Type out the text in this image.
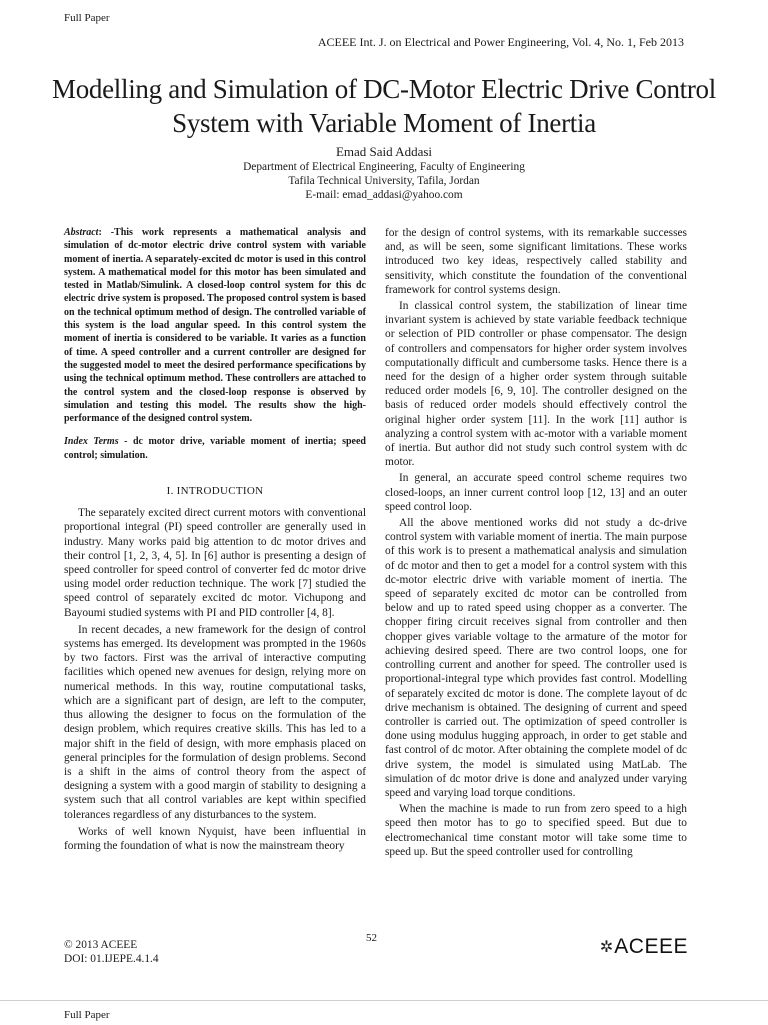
Full Paper
ACEEE Int. J. on Electrical and Power Engineering, Vol. 4, No. 1, Feb 2013
Modelling and Simulation of DC-Motor Electric Drive Control System with Variable Moment of Inertia
Emad Said Addasi
Department of Electrical Engineering, Faculty of Engineering
Tafila Technical University, Tafila, Jordan
E-mail: emad_addasi@yahoo.com

Abstract: -This work represents a mathematical analysis and simulation of dc-motor electric drive control system with variable moment of inertia. A separately-excited dc motor is used in this control system. A mathematical model for this motor has been simulated and tested in Matlab/Simulink. A closed-loop control system for this dc electric drive system is proposed. The proposed control system is based on the technical optimum method of design. The controlled variable of this system is the load angular speed. In this control system the moment of inertia is considered to be variable. It varies as a function of time. A speed controller and a current controller are designed for the suggested model to meet the desired performance specifications by using the technical optimum method. These controllers are attached to the control system and the closed-loop response is observed by simulation and testing this model. The results show the high-performance of the designed control system.

Index Terms - dc motor drive, variable moment of inertia; speed control; simulation.

I. INTRODUCTION

The separately excited direct current motors with conventional proportional integral (PI) speed controller are generally used in industry. Many works paid big attention to dc motor drives and their control [1, 2, 3, 4, 5]. In [6] author is presenting a design of speed controller for speed control of converter fed dc motor drive using model order reduction technique. The work [7] studied the speed control of separately excited dc motor. Vichupong and Bayoumi studied systems with PI and PID controller [4, 8].

In recent decades, a new framework for the design of control systems has emerged. Its development was prompted in the 1960s by two factors. First was the arrival of interactive computing facilities which opened new avenues for design, relying more on numerical methods. In this way, routine computational tasks, which are a significant part of design, are left to the computer, thus allowing the designer to focus on the formulation of the design problem, which requires creative skills. This has led to a major shift in the field of design, with more emphasis placed on general principles for the formulation of design problems. Second is a shift in the aims of control theory from the aspect of designing a system with a good margin of stability to designing a system such that all control variables are kept within specified tolerances regardless of any disturbances to the system.

Works of well known Nyquist, have been influential in forming the foundation of what is now the mainstream theory

for the design of control systems, with its remarkable successes and, as will be seen, some significant limitations. These works introduced two key ideas, respectively called stability and sensitivity, which constitute the foundation of the conventional framework for control systems design.

In classical control system, the stabilization of linear time invariant system is achieved by state variable feedback technique or selection of PID controller or phase compensator. The design of controllers and compensators for higher order system involves computationally difficult and cumbersome tasks. Hence there is a need for the design of a higher order system through suitable reduced order models [6, 9, 10]. The controller designed on the basis of reduced order models should effectively control the original higher order system [11]. In the work [11] author is analyzing a control system with ac-motor with a variable moment of inertia. But author did not study such control system with dc motor.

In general, an accurate speed control scheme requires two closed-loops, an inner current control loop [12, 13] and an outer speed control loop.

All the above mentioned works did not study a dc-drive control system with variable moment of inertia. The main purpose of this work is to present a mathematical analysis and simulation of dc motor and then to get a model for a control system with this dc-motor electric drive with variable moment of inertia. The speed of separately excited dc motor can be controlled from below and up to rated speed using chopper as a converter. The chopper firing circuit receives signal from controller and then chopper gives variable voltage to the armature of the motor for achieving desired speed. There are two control loops, one for controlling current and another for speed. The controller used is proportional-integral type which provides fast control. Modelling of separately excited dc motor is done. The complete layout of dc drive mechanism is obtained. The designing of current and speed controller is carried out. The optimization of speed controller is done using modulus hugging approach, in order to get stable and fast control of dc motor. After obtaining the complete model of dc drive system, the model is simulated using MatLab. The simulation of dc motor drive is done and analyzed under varying speed and varying load torque conditions.

When the machine is made to run from zero speed to a high speed then motor has to go to specified speed. But due to electromechanical time constant motor will take some time to speed up. But the speed controller used for controlling

52
© 2013 ACEEE
DOI: 01.IJEPE.4.1.4
✲ ACEEE
Full Paper
